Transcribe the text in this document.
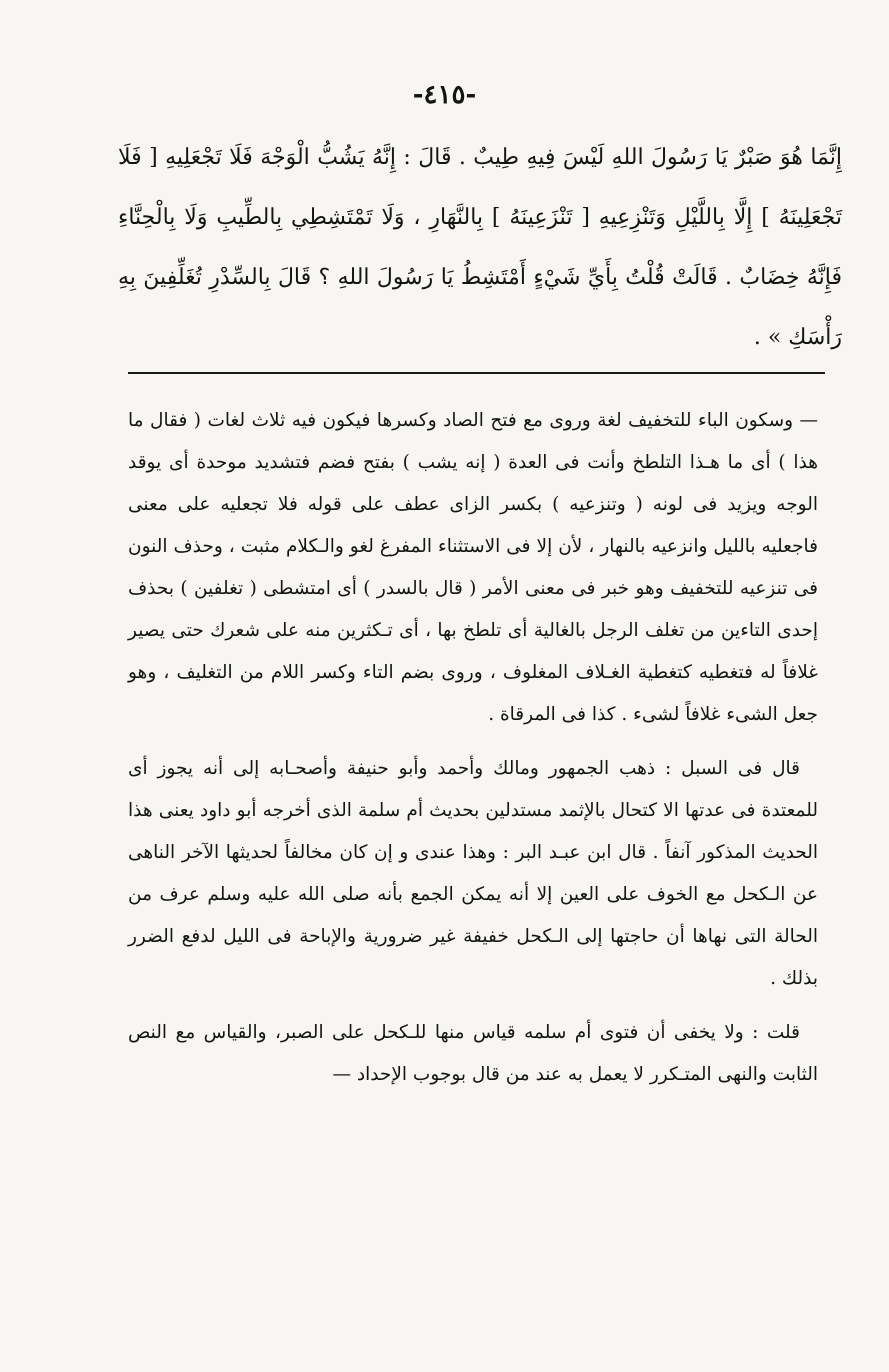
-٤١٥-

إِنَّمَا هُوَ صَبْرٌ يَا رَسُولَ اللهِ لَيْسَ فِيهِ طِيبٌ . قَالَ : إِنَّهُ يَشُبُّ الْوَجْهَ فَلَا تَجْعَلِيهِ [ فَلَا تَجْعَلِينَهُ ] إِلَّا بِاللَّيْلِ وَتَنْزِعِيهِ [ تَنْزَعِينَهُ ] بِالنَّهَارِ ، وَلَا تَمْتَشِطِي بِالطِّيبِ وَلَا بِالْحِنَّاءِ فَإِنَّهُ خِضَابٌ . قَالَتْ قُلْتُ بِأَيِّ شَيْءٍ أَمْتَشِطُ يَا رَسُولَ اللهِ ؟ قَالَ بِالسِّدْرِ تُغَلِّفِينَ بِهِ رَأْسَكِ » .

— وسكون الباء للتخفيف لغة وروى مع فتح الصاد وكسرها فيكون فيه ثلاث لغات ( فقال ما هذا ) أى ما هـذا التلطخ وأنت فى العدة ( إنه يشب ) بفتح فضم فتشديد موحدة أى يوقد الوجه ويزيد فى لونه ( وتنزعيه ) بكسر الزاى عطف على قوله فلا تجعليه على معنى فاجعليه بالليل وانزعيه بالنهار ، لأن إلا فى الاستثناء المفرغ لغو والـكلام مثبت ، وحذف النون فى تنزعيه للتخفيف وهو خبر فى معنى الأمر ( قال بالسدر ) أى امتشطى ( تغلفين ) بحذف إحدى التاءين من تغلف الرجل بالغالية أى تلطخ بها ، أى تـكثرين منه على شعرك حتى يصير غلافاً له فتغطيه كتغطية الغـلاف المغلوف ، وروى بضم التاء وكسر اللام من التغليف ، وهو جعل الشىء غلافاً لشىء . كذا فى المرقاة .

قال فى السبل : ذهب الجمهور ومالك وأحمد وأبو حنيفة وأصحـابه إلى أنه يجوز أى للمعتدة فى عدتها الا كتحال بالإثمد مستدلين بحديث أم سلمة الذى أخرجه أبو داود يعنى هذا الحديث المذكور آنفاً . قال ابن عبـد البر : وهذا عندى و إن كان مخالفاً لحديثها الآخر الناهى عن الـكحل مع الخوف على العين إلا أنه يمكن الجمع بأنه صلى الله عليه وسلم عرف من الحالة التى نهاها أن حاجتها إلى الـكحل خفيفة غير ضرورية والإباحة فى الليل لدفع الضرر بذلك .

قلت : ولا يخفى أن فتوى أم سلمه قياس منها للـكحل على الصبر، والقياس مع النص الثابت والنهى المتـكرر لا يعمل به عند من قال بوجوب الإحداد —
